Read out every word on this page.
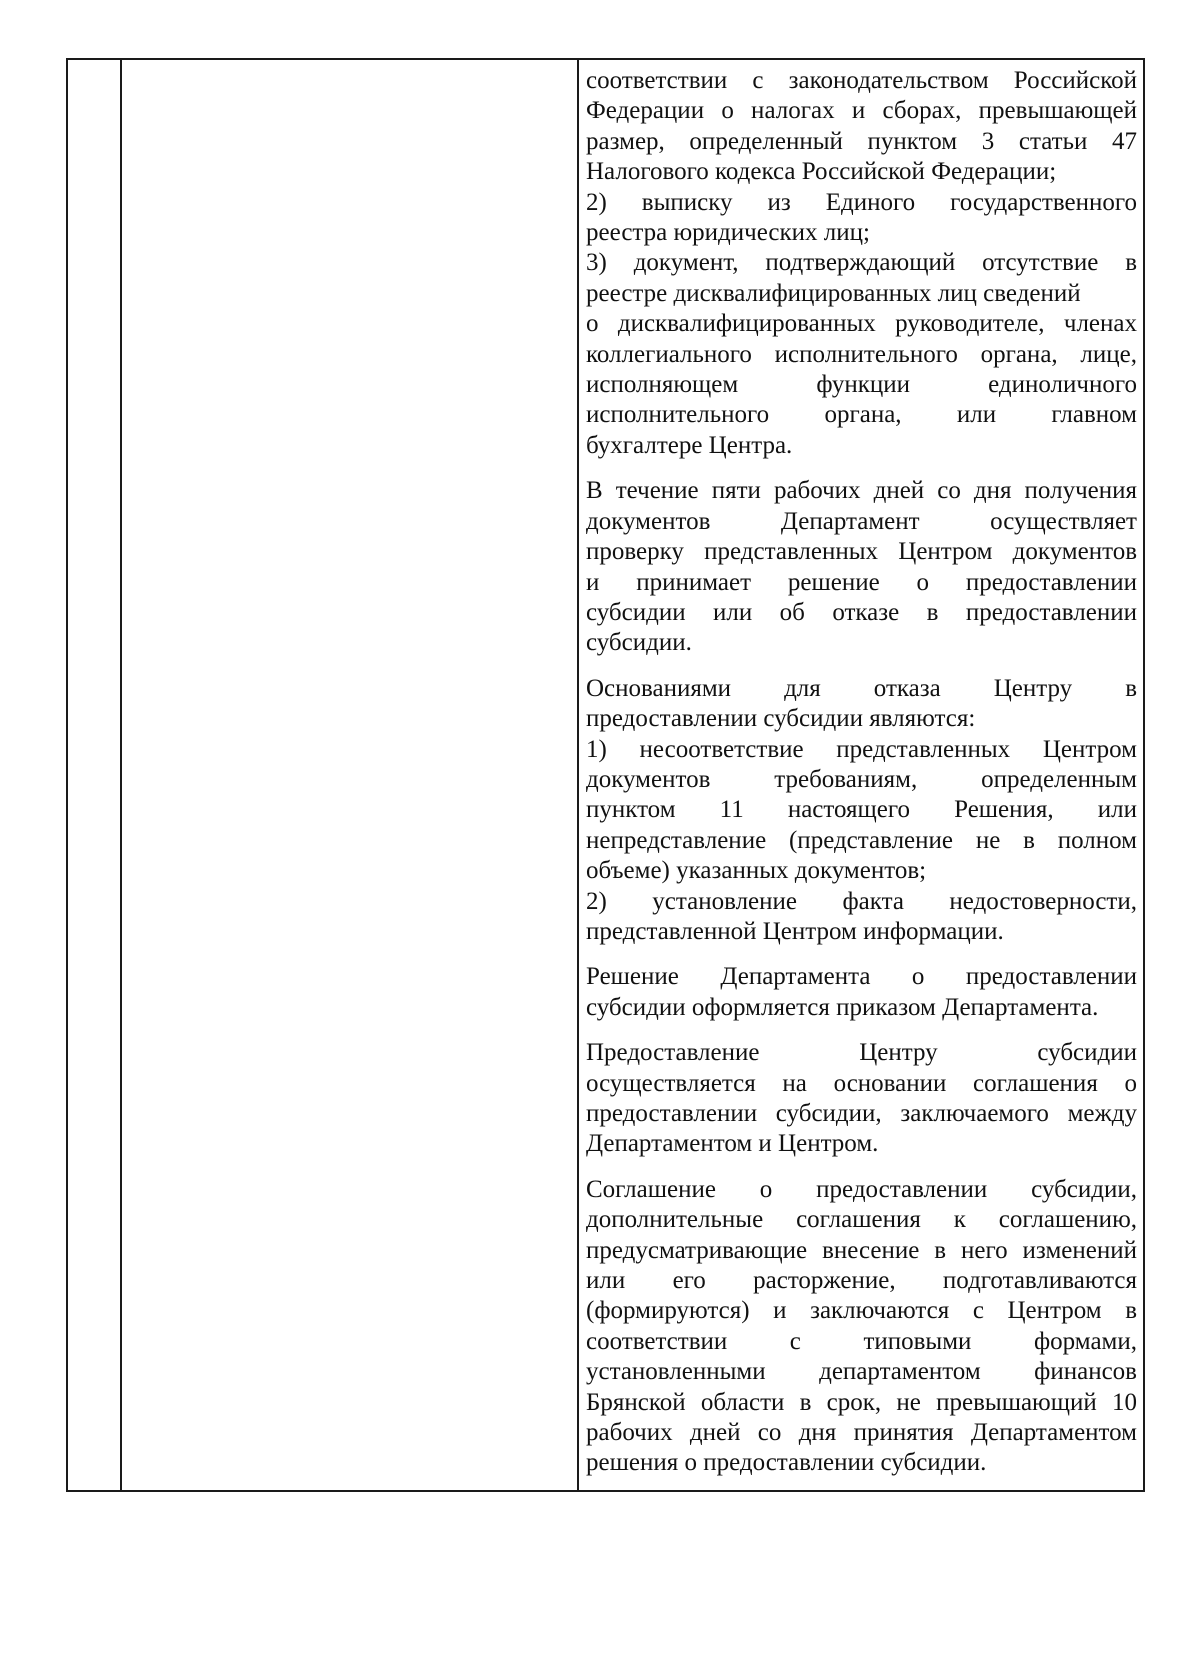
соответствии с законодательством Российской
Федерации о налогах и сборах, превышающей
размер, определенный пунктом 3 статьи 47
Налогового кодекса Российской Федерации;
2) выписку из Единого государственного
реестра юридических лиц;
3) документ, подтверждающий отсутствие в
реестре дисквалифицированных лиц сведений
о дисквалифицированных руководителе, членах
коллегиального исполнительного органа, лице,
исполняющем функции единоличного
исполнительного органа, или главном
бухгалтере Центра.
В течение пяти рабочих дней со дня получения
документов Департамент осуществляет
проверку представленных Центром документов
и принимает решение о предоставлении
субсидии или об отказе в предоставлении
субсидии.
Основаниями для отказа Центру в
предоставлении субсидии являются:
1) несоответствие представленных Центром
документов требованиям, определенным
пунктом 11 настоящего Решения, или
непредставление (представление не в полном
объеме) указанных документов;
2) установление факта недостоверности,
представленной Центром информации.
Решение Департамента о предоставлении
субсидии оформляется приказом Департамента.
Предоставление Центру субсидии
осуществляется на основании соглашения о
предоставлении субсидии, заключаемого между
Департаментом и Центром.
Соглашение о предоставлении субсидии,
дополнительные соглашения к соглашению,
предусматривающие внесение в него изменений
или его расторжение, подготавливаются
(формируются) и заключаются с Центром в
соответствии с типовыми формами,
установленными департаментом финансов
Брянской области в срок, не превышающий 10
рабочих дней со дня принятия Департаментом
решения о предоставлении субсидии.
